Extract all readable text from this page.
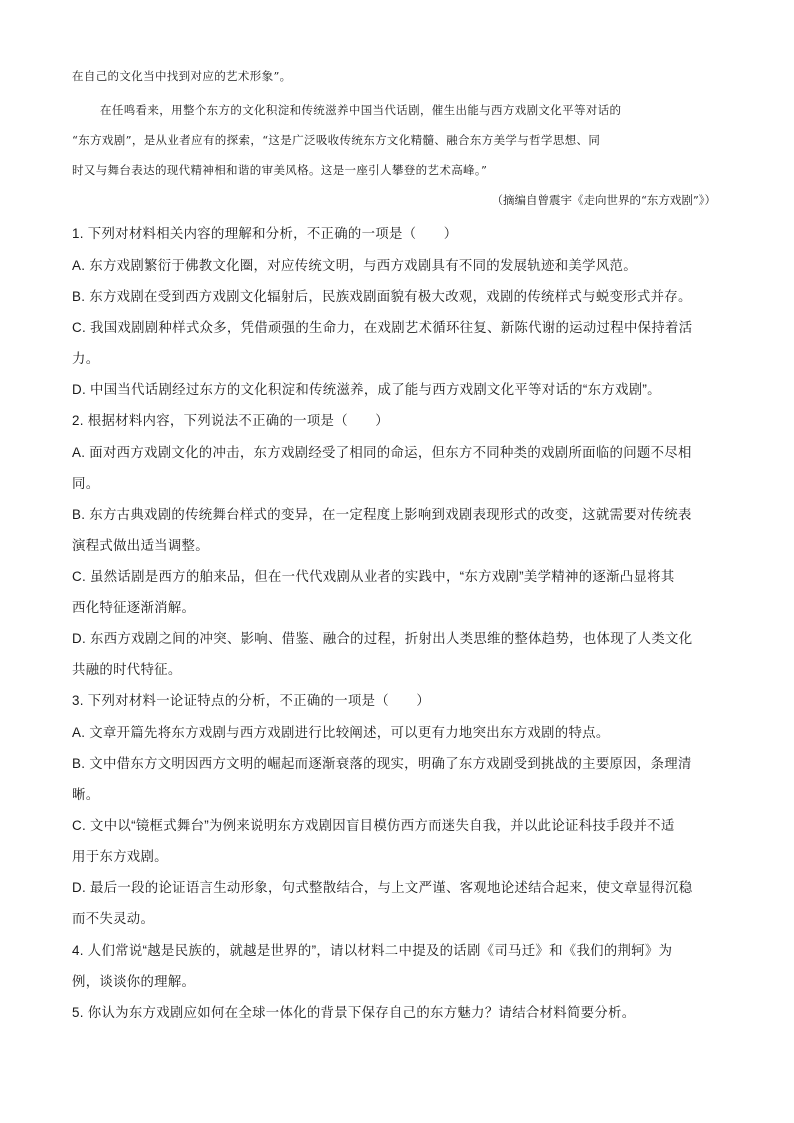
在自己的文化当中找到对应的艺术形象”。
在任鸣看来，用整个东方的文化积淀和传统滋养中国当代话剧，催生出能与西方戏剧文化平等对话的
“东方戏剧”，是从业者应有的探索，“这是广泛吸收传统东方文化精髓、融合东方美学与哲学思想、同
时又与舞台表达的现代精神相和谐的审美风格。这是一座引人攀登的艺术高峰。”
（摘编自曾震宇《走向世界的“东方戏剧”》）
1. 下列对材料相关内容的理解和分析，不正确的一项是（　　）
A. 东方戏剧繁衍于佛教文化圈，对应传统文明，与西方戏剧具有不同的发展轨迹和美学风范。
B. 东方戏剧在受到西方戏剧文化辐射后，民族戏剧面貌有极大改观，戏剧的传统样式与蜕变形式并存。
C. 我国戏剧剧种样式众多，凭借顽强的生命力，在戏剧艺术循环往复、新陈代谢的运动过程中保持着活
力。
D. 中国当代话剧经过东方的文化积淀和传统滋养，成了能与西方戏剧文化平等对话的“东方戏剧”。
2. 根据材料内容，下列说法不正确的一项是（　　）
A. 面对西方戏剧文化的冲击，东方戏剧经受了相同的命运，但东方不同种类的戏剧所面临的问题不尽相
同。
B. 东方古典戏剧的传统舞台样式的变异，在一定程度上影响到戏剧表现形式的改变，这就需要对传统表
演程式做出适当调整。
C. 虽然话剧是西方的舶来品，但在一代代戏剧从业者的实践中，“东方戏剧”美学精神的逐渐凸显将其
西化特征逐渐消解。
D. 东西方戏剧之间的冲突、影响、借鉴、融合的过程，折射出人类思维的整体趋势，也体现了人类文化
共融的时代特征。
3. 下列对材料一论证特点的分析，不正确的一项是（　　）
A. 文章开篇先将东方戏剧与西方戏剧进行比较阐述，可以更有力地突出东方戏剧的特点。
B. 文中借东方文明因西方文明的崛起而逐渐衰落的现实，明确了东方戏剧受到挑战的主要原因，条理清
晰。
C. 文中以“镜框式舞台”为例来说明东方戏剧因盲目模仿西方而迷失自我，并以此论证科技手段并不适
用于东方戏剧。
D. 最后一段的论证语言生动形象，句式整散结合，与上文严谨、客观地论述结合起来，使文章显得沉稳
而不失灵动。
4. 人们常说“越是民族的，就越是世界的”，请以材料二中提及的话剧《司马迁》和《我们的荆轲》为
例，谈谈你的理解。
5. 你认为东方戏剧应如何在全球一体化的背景下保存自己的东方魅力？请结合材料简要分析。
